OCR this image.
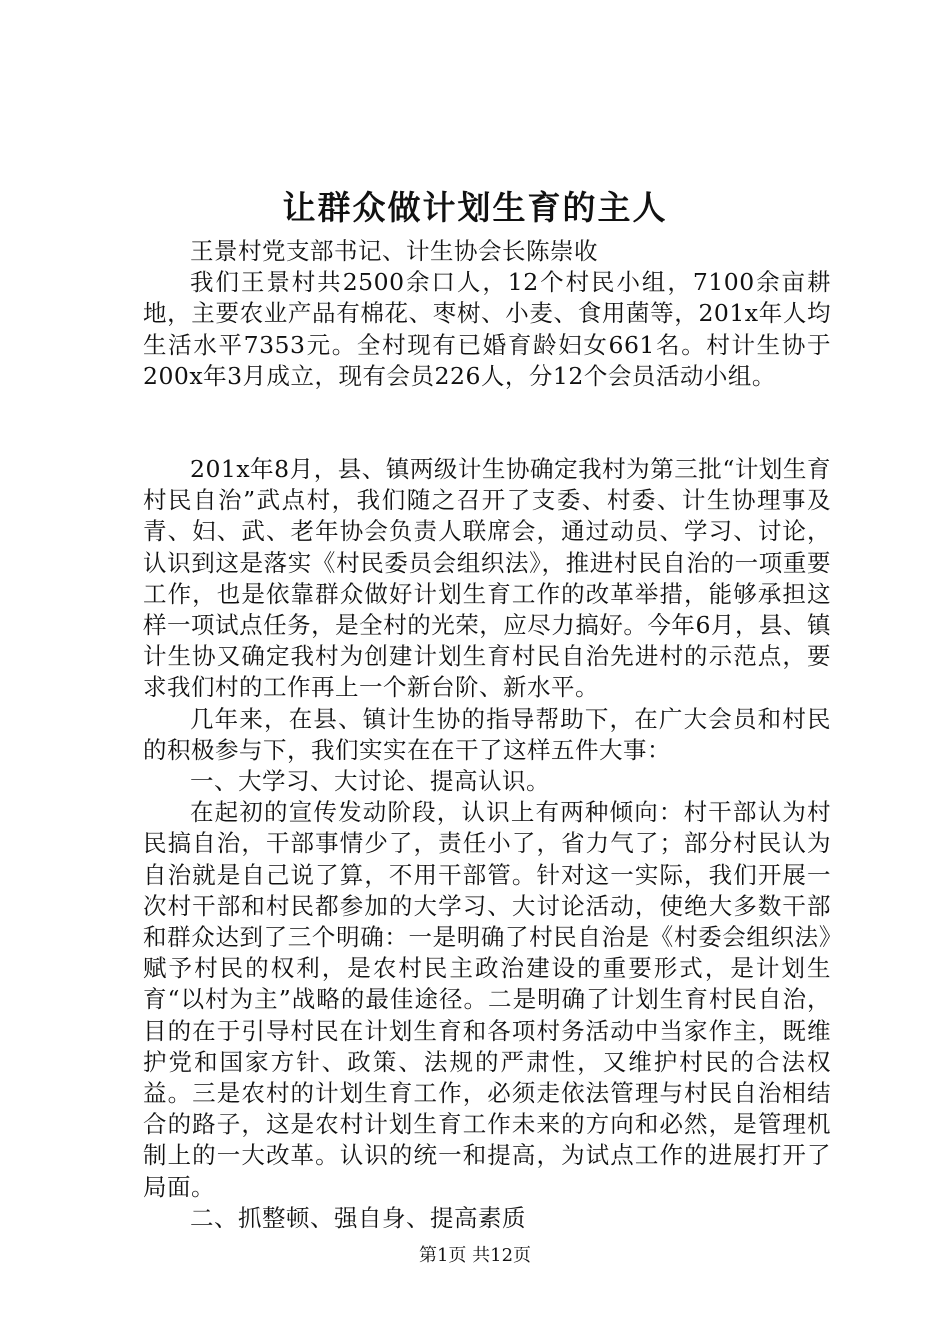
让群众做计划生育的主人

王景村党支部书记、计生协会长陈崇收

我们王景村共2500余口人，12个村民小组，7100余亩耕地，主要农业产品有棉花、枣树、小麦、食用菌等，201x年人均生活水平7353元。全村现有已婚育龄妇女661名。村计生协于200x年3月成立，现有会员226人，分12个会员活动小组。

201x年8月，县、镇两级计生协确定我村为第三批“计划生育村民自治”武点村，我们随之召开了支委、村委、计生协理事及青、妇、武、老年协会负责人联席会，通过动员、学习、讨论，认识到这是落实《村民委员会组织法》，推进村民自治的一项重要工作，也是依靠群众做好计划生育工作的改革举措，能够承担这样一项试点任务，是全村的光荣，应尽力搞好。今年6月，县、镇计生协又确定我村为创建计划生育村民自治先进村的示范点，要求我们村的工作再上一个新台阶、新水平。

几年来，在县、镇计生协的指导帮助下，在广大会员和村民的积极参与下，我们实实在在干了这样五件大事：

一、大学习、大讨论、提高认识。

在起初的宣传发动阶段，认识上有两种倾向：村干部认为村民搞自治，干部事情少了，责任小了，省力气了；部分村民认为自治就是自己说了算，不用干部管。针对这一实际，我们开展一次村干部和村民都参加的大学习、大讨论活动，使绝大多数干部和群众达到了三个明确：一是明确了村民自治是《村委会组织法》赋予村民的权利，是农村民主政治建设的重要形式，是计划生育“以村为主”战略的最佳途径。二是明确了计划生育村民自治，目的在于引导村民在计划生育和各项村务活动中当家作主，既维护党和国家方针、政策、法规的严肃性，又维护村民的合法权益。三是农村的计划生育工作，必须走依法管理与村民自治相结合的路子，这是农村计划生育工作未来的方向和必然，是管理机制上的一大改革。认识的统一和提高，为试点工作的进展打开了局面。

二、抓整顿、强自身、提高素质

第1页 共12页
